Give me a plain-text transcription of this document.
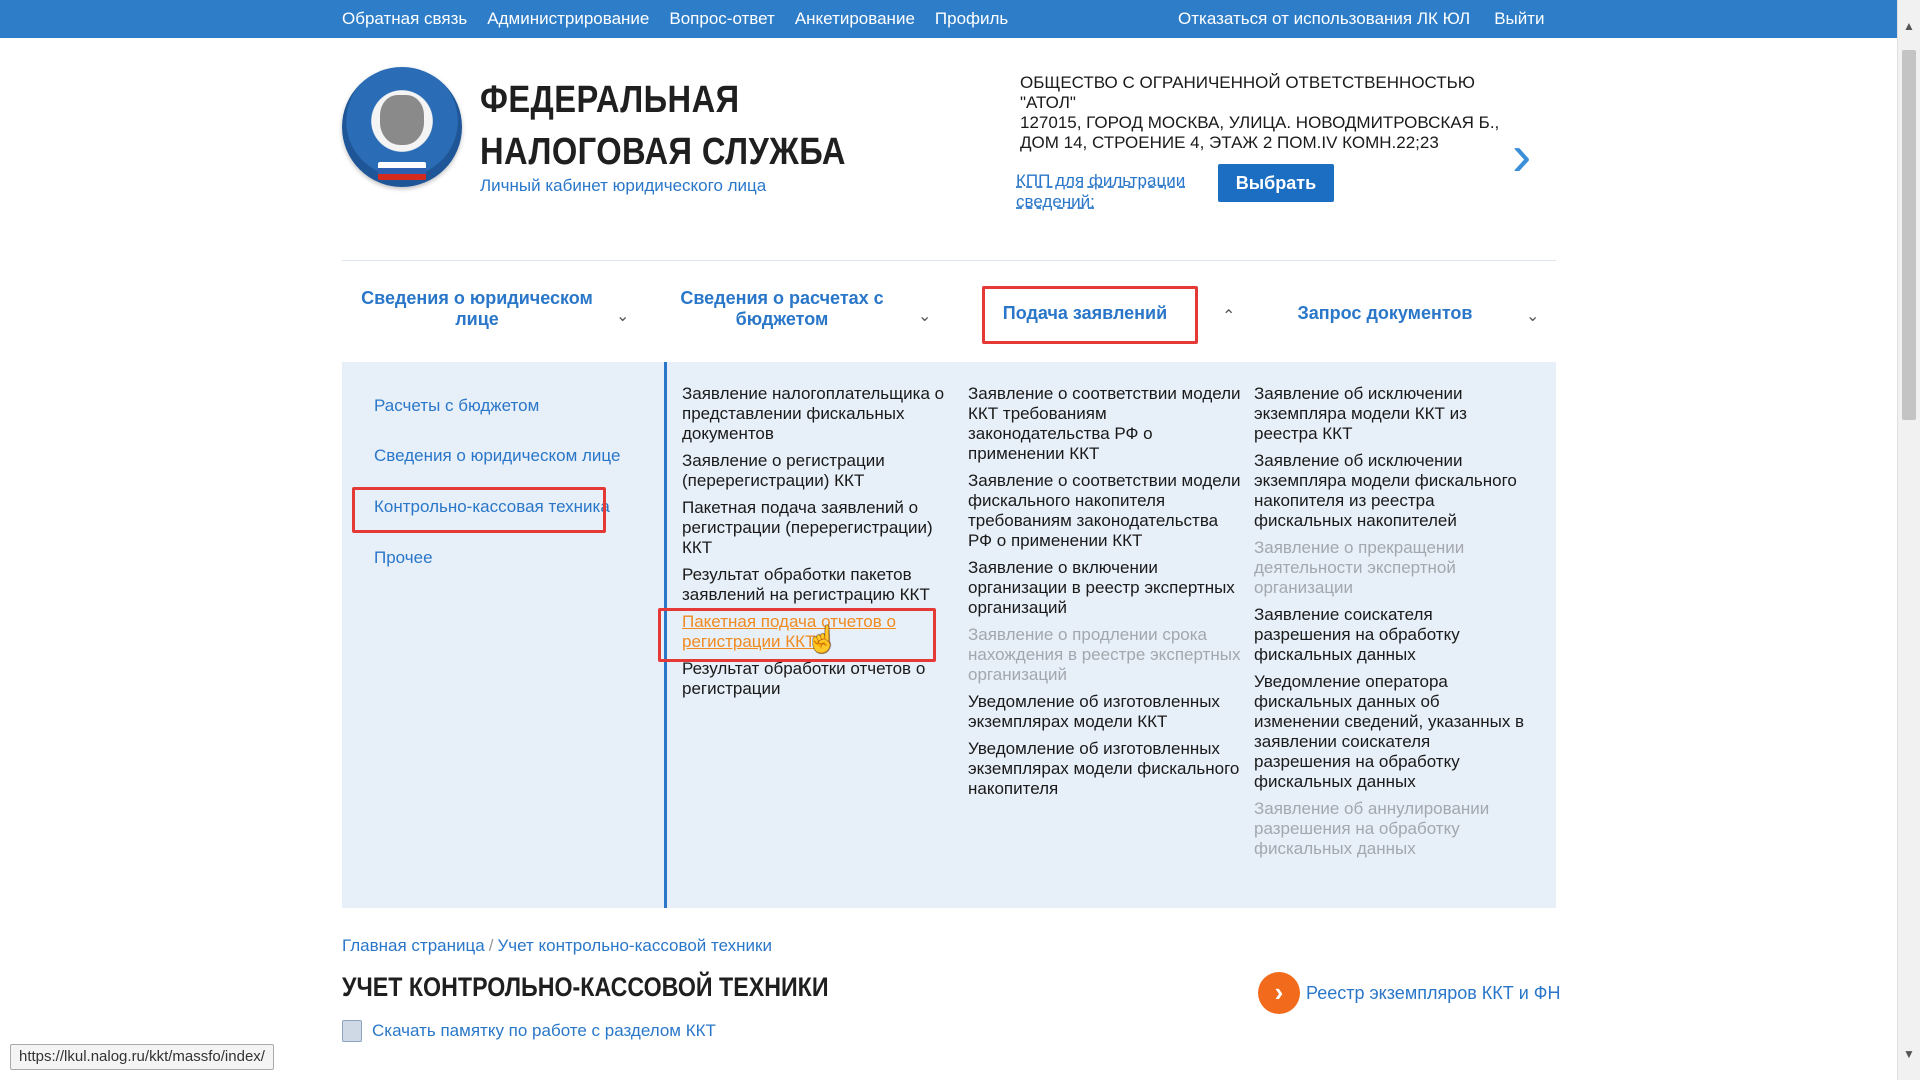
Обратная связь Администрирование Вопрос-ответ Анкетирование Профиль	Отказаться от использования ЛК ЮЛ Выйти	▲
▼
ФЕДЕРАЛЬНАЯ
НАЛОГОВАЯ СЛУЖБА
Личный кабинет юридического лица
ОБЩЕСТВО С ОГРАНИЧЕННОЙ ОТВЕТСТВЕННОСТЬЮ "АТОЛ"
127015, ГОРОД МОСКВА, УЛИЦА. НОВОДМИТРОВСКАЯ Б., ДОМ 14, СТРОЕНИЕ 4, ЭТАЖ 2 ПОМ.IV КОМН.22;23
КПП для фильтрации сведений:
Выбрать	›
Сведения о юридическом лице	⌄
Сведения о расчетах с бюджетом	⌄	Подача заявлений	⌃	Запрос документов	⌄
Расчеты с бюджетом
Сведения о юридическом лице
Контрольно-кассовая техника
Прочее
Заявление налогоплательщика о представлении фискальных документов
Заявление о регистрации (перерегистрации) ККТ
Пакетная подача заявлений о регистрации (перерегистрации) ККТ
Результат обработки пакетов заявлений на регистрацию ККТ
Пакетная подача отчетов о регистрации ККТ
Результат обработки отчетов о регистрации
Заявление о соответствии модели ККТ требованиям законодательства РФ о применении ККТ
Заявление о соответствии модели фискального накопителя требованиям законодательства РФ о применении ККТ
Заявление о включении организации в реестр экспертных организаций
Заявление о продлении срока нахождения в реестре экспертных организаций
Уведомление об изготовленных экземплярах модели ККТ
Уведомление об изготовленных экземплярах модели фискального накопителя
Заявление об исключении экземпляра модели ККТ из реестра ККТ
Заявление об исключении экземпляра модели фискального накопителя из реестра фискальных накопителей
Заявление о прекращении деятельности экспертной организации
Заявление соискателя разрешения на обработку фискальных данных
Уведомление оператора фискальных данных об изменении сведений, указанных в заявлении соискателя разрешения на обработку фискальных данных
Заявление об аннулировании разрешения на обработку фискальных данных
☝
Главная страница / Учет контрольно-кассовой техники
УЧЕТ КОНТРОЛЬНО-КАССОВОЙ ТЕХНИКИ	›	Реестр экземпляров ККТ и ФН
Скачать памятку по работе с разделом ККТ
https://lkul.nalog.ru/kkt/massfo/index/
